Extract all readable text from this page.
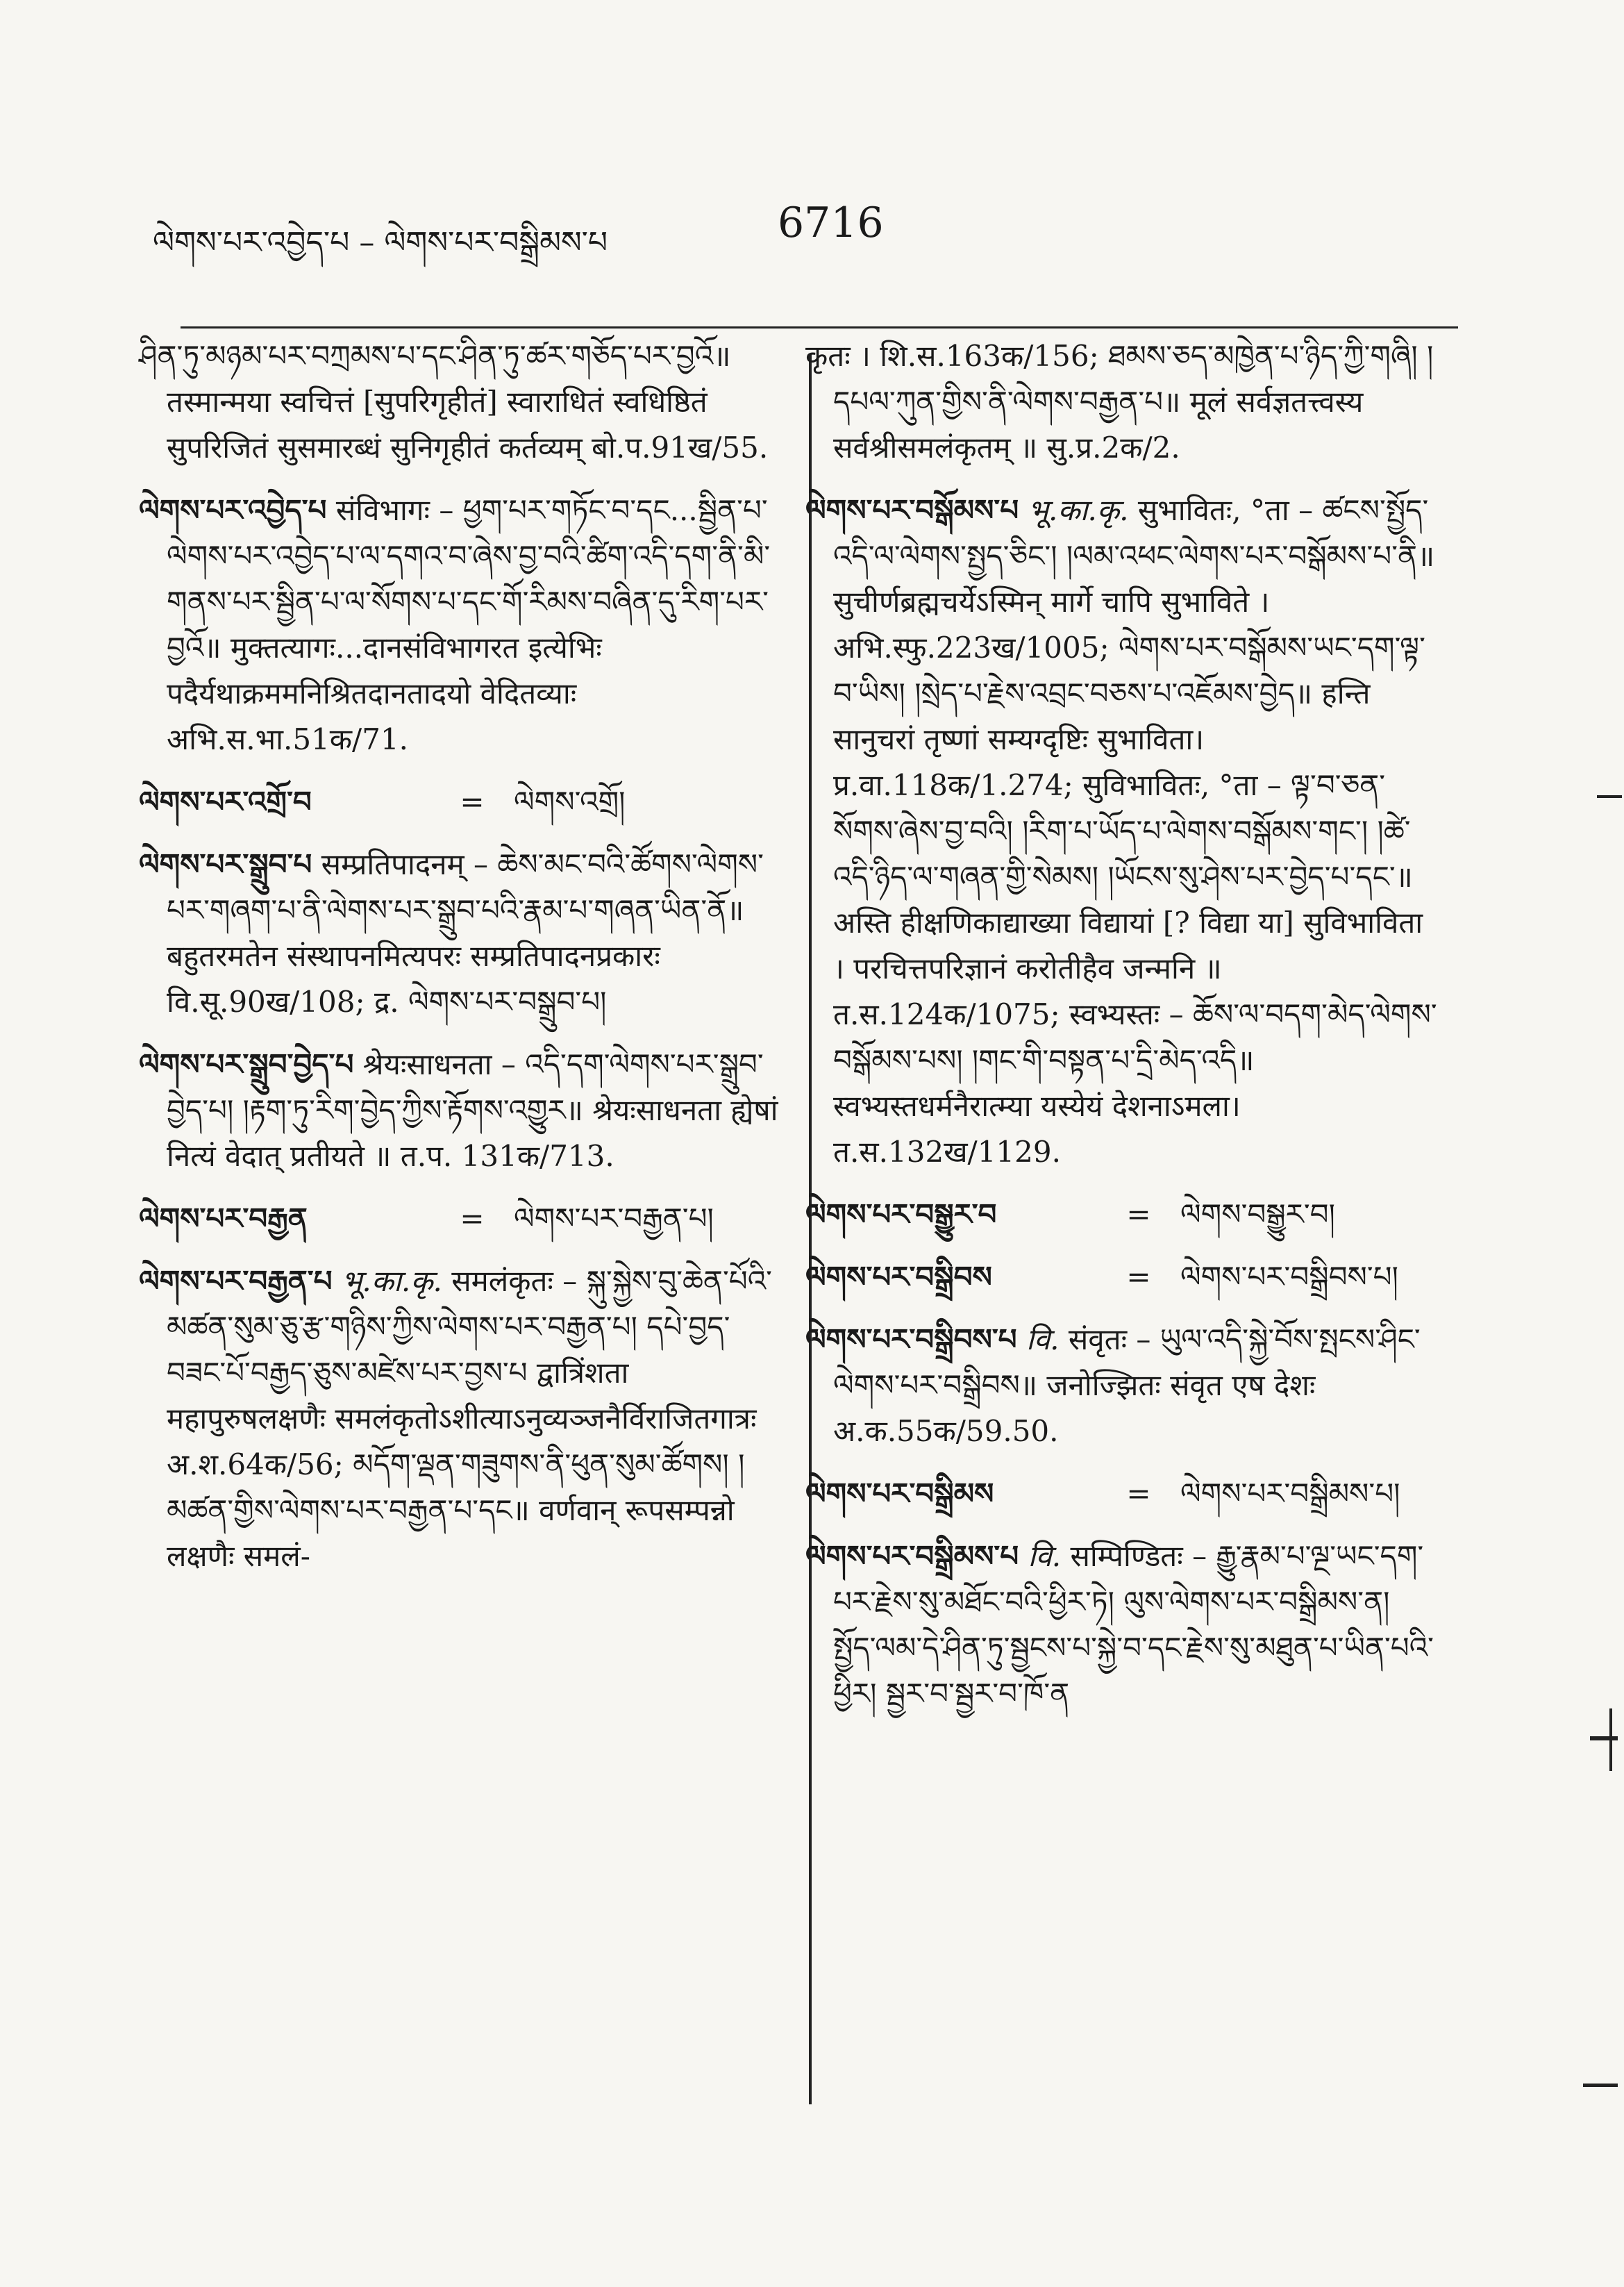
ལེགས་པར་འབྱེད་པ – ལེགས་པར་བསྒྲིམས་པ	6716
ཤིན་ཏུ་མཉམ་པར་བཀྲམས་པ་དང་ཤིན་ཏུ་ཚར་གཅོད་པར་བྱའོ॥ तस्मान्मया स्वचित्तं [सुपरिगृहीतं] स्वाराधितं स्वधिष्ठितं सुपरिजितं सुसमारब्धं सुनिगृहीतं कर्तव्यम् बो.प.91ख/55.
ལེགས་པར་འབྱེད་པ संविभागः – ཕྱག་པར་གཏོང་བ་དང...སྦྱིན་པ་ལེགས་པར་འབྱེད་པ་ལ་དགའ་བ་ཞེས་བྱ་བའི་ཚིག་འདི་དག་ནི་མི་གནས་པར་སྦྱིན་པ་ལ་སོགས་པ་དང་གོ་རིམས་བཞིན་དུ་རིག་པར་བྱའོ॥ मुक्तत्यागः...दानसंविभागरत इत्येभिः पदैर्यथाक्रममनिश्रितदानतादयो वेदितव्याः अभि.स.भा.51क/71.
ལེགས་པར་འགྲོ་བ	=	ལེགས་འགྲོ།
ལེགས་པར་སྒྲུབ་པ सम्प्रतिपादनम् – ཆེས་མང་བའི་ཚོགས་ལེགས་པར་གཞག་པ་ནི་ལེགས་པར་སྒྲུབ་པའི་རྣམ་པ་གཞན་ཡིན་ནོ॥ बहुतरमतेन संस्थापनमित्यपरः सम्प्रतिपादनप्रकारः वि.सू.90ख/108; द्र. ལེགས་པར་བསྒྲུབ་པ།
ལེགས་པར་སྒྲུབ་བྱེད་པ श्रेयःसाधनता – འདི་དག་ལེགས་པར་སྒྲུབ་བྱེད་པ། །རྟག་ཏུ་རིག་བྱེད་ཀྱིས་རྟོགས་འགྱུར॥ श्रेयःसाधनता ह्येषां नित्यं वेदात् प्रतीयते ॥ त.प. 131क/713.
ལེགས་པར་བརྒྱན	=	ལེགས་པར་བརྒྱན་པ།
ལེགས་པར་བརྒྱན་པ भू.का.कृ. समलंकृतः – སྐུ་སྐྱེས་བུ་ཆེན་པོའི་མཚན་སུམ་ཅུ་རྩ་གཉིས་ཀྱིས་ལེགས་པར་བརྒྱན་པ། དཔེ་བྱད་བཟང་པོ་བརྒྱད་ཅུས་མཛེས་པར་བྱས་པ द्वात्रिंशता महापुरुषलक्षणैः समलंकृतोऽशीत्याऽनुव्यञ्जनैर्विराजितगात्रः अ.श.64क/56; མདོག་ལྡན་གཟུགས་ནི་ཕུན་སུམ་ཚོགས། །མཚན་གྱིས་ལེགས་པར་བརྒྱན་པ་དང॥ वर्णवान् रूपसम्पन्नो लक्षणैः समलं-
कृतः । शि.स.163क/156; ཐམས་ཅད་མཁྱེན་པ་ཉིད་ཀྱི་གཞི། །དཔལ་ཀུན་གྱིས་ནི་ལེགས་བརྒྱན་པ॥ मूलं सर्वज्ञतत्त्वस्य सर्वश्रीसमलंकृतम् ॥ सु.प्र.2क/2.
ལེགས་པར་བསྒོམས་པ भू.का.कृ. सुभावितः, °ता – ཚངས་སྤྱོད་འདི་ལ་ལེགས་སྤྱད་ཅིང་། །ལམ་འཕང་ལེགས་པར་བསྒོམས་པ་ནི॥ सुचीर्णब्रह्मचर्येऽस्मिन् मार्गे चापि सुभाविते । अभि.स्फु.223ख/1005; ལེགས་པར་བསྒོམས་ཡང་དག་ལྟ་བ་ཡིས། །སྲེད་པ་རྗེས་འབྲང་བཅས་པ་འཇོམས་བྱེད॥ हन्ति सानुचरां तृष्णां सम्यग्दृष्टिः सुभाविता। प्र.वा.118क/1.274; सुविभावितः, °ता – ལྟ་བ་ཅན་སོགས་ཞེས་བྱ་བའི། །རིག་པ་ཡོད་པ་ལེགས་བསྒོམས་གང་། །ཚེ་འདི་ཉིད་ལ་གཞན་གྱི་སེམས། །ཡོངས་སུ་ཤེས་པར་བྱེད་པ་དང་॥ अस्ति हीक्षणिकाद्याख्या विद्यायां [? विद्या या] सुविभाविता । परचित्तपरिज्ञानं करोतीहैव जन्मनि ॥ त.स.124क/1075; स्वभ्यस्तः – ཆོས་ལ་བདག་མེད་ལེགས་བསྒོམས་པས། །གང་གི་བསྟན་པ་དྲི་མེད་འདི॥ स्वभ्यस्तधर्मनैरात्म्या यस्येयं देशनाऽमला। त.स.132ख/1129.
ལེགས་པར་བསྒྱུར་བ	=	ལེགས་བསྒྱུར་བ།
ལེགས་པར་བསྒྲིབས	=	ལེགས་པར་བསྒྲིབས་པ།
ལེགས་པར་བསྒྲིབས་པ वि. संवृतः – ཡུལ་འདི་སྐྱེ་བོས་སྤངས་ཤིང་ལེགས་པར་བསྒྲིབས॥ जनोज्झितः संवृत एष देशः अ.क.55क/59.50.
ལེགས་པར་བསྒྲིམས	=	ལེགས་པར་བསྒྲིམས་པ།
ལེགས་པར་བསྒྲིམས་པ वि. सम्पिण्डितः – རྒྱུ་རྣམ་པ་ལྔ་ཡང་དག་པར་རྗེས་སུ་མཐོང་བའི་ཕྱིར་ཏེ། ལུས་ལེགས་པར་བསྒྲིམས་ན། སྤྱོད་ལམ་དེ་ཤིན་ཏུ་སྦྱངས་པ་སྐྱེ་བ་དང་རྗེས་སུ་མཐུན་པ་ཡིན་པའི་ཕྱིར། སྦྱར་བ་སྦྱར་བ་ཁོ་ན
